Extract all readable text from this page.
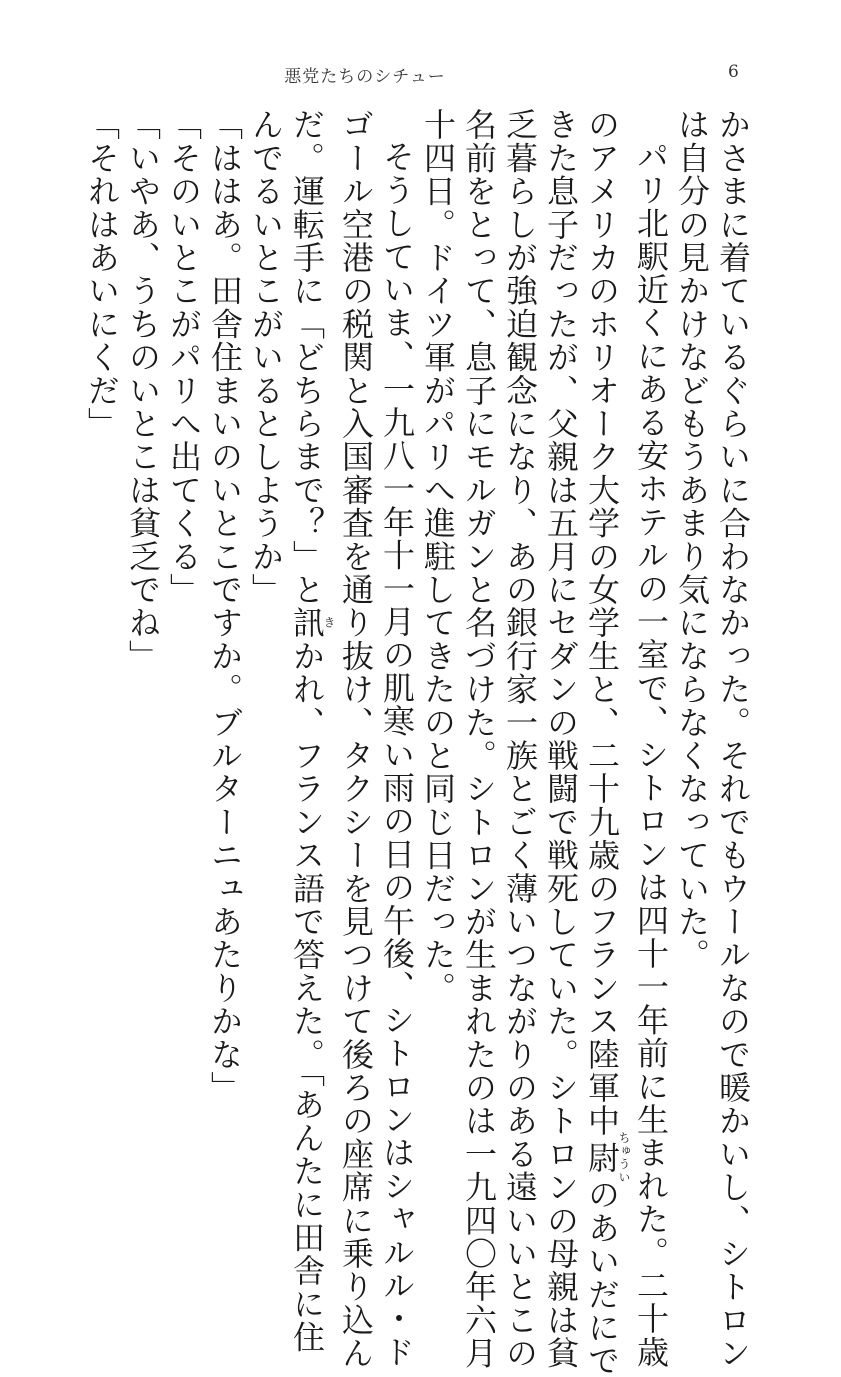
悪党たちのシチュー	6
かさまに着ているぐらいに合わなかった。それでもウールなので暖かいし、シトロン
は自分の見かけなどもうあまり気にならなくなっていた。
パリ北駅近くにある安ホテルの一室で、シトロンは四十一年前に生まれた。二十歳
のアメリカのホリオーク大学の女学生と、二十九歳のフランス陸軍中尉ちゅういのあいだにで
きた息子だったが、父親は五月にセダンの戦闘で戦死していた。シトロンの母親は貧
乏暮らしが強迫観念になり、あの銀行家一族とごく薄いつながりのある遠いいとこの
名前をとって、息子にモルガンと名づけた。シトロンが生まれたのは一九四〇年六月
十四日。ドイツ軍がパリへ進駐してきたのと同じ日だった。
そうしていま、一九八一年十一月の肌寒い雨の日の午後、シトロンはシャルル・ド
ゴール空港の税関と入国審査を通り抜け、タクシーを見つけて後ろの座席に乗り込ん
だ。運転手に「どちらまで？」と訊きかれ、フランス語で答えた。「あんたに田舎に住
んでるいとこがいるとしようか」
「ははあ。田舎住まいのいとこですか。ブルターニュあたりかな」
「そのいとこがパリへ出てくる」
「いやあ、うちのいとこは貧乏でね」
「それはあいにくだ」
